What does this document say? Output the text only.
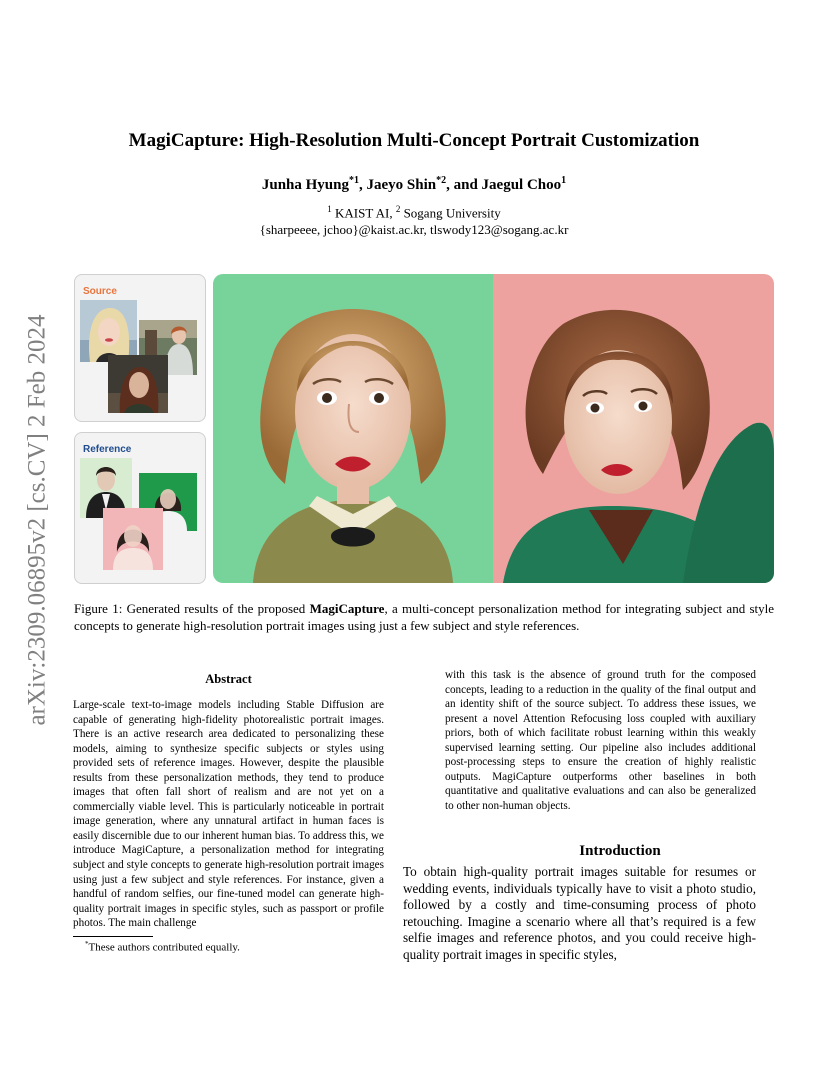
arXiv:2309.06895v2 [cs.CV] 2 Feb 2024
MagiCapture: High-Resolution Multi-Concept Portrait Customization
Junha Hyung$^{*1}$, Jaeyo Shin$^{*2}$, and Jaegul Choo$^1$
$^1$ KAIST AI, $^2$ Sogang University
{sharpeeee, jchoo}@kaist.ac.kr, tlswody123@sogang.ac.kr
Source
Reference
Figure 1: Generated results of the proposed MagiCapture, a multi-concept personalization method for integrating subject and style concepts to generate high-resolution portrait images using just a few subject and style references.
Abstract
Large-scale text-to-image models including Stable Diffusion are capable of generating high-fidelity photorealistic portrait images. There is an active research area dedicated to personalizing these models, aiming to synthesize specific subjects or styles using provided sets of reference images. However, despite the plausible results from these personalization methods, they tend to produce images that often fall short of realism and are not yet on a commercially viable level. This is particularly noticeable in portrait image generation, where any unnatural artifact in human faces is easily discernible due to our inherent human bias. To address this, we introduce MagiCapture, a personalization method for integrating subject and style concepts to generate high-resolution portrait images using just a few subject and style references. For instance, given a handful of random selfies, our fine-tuned model can generate high-quality portrait images in specific styles, such as passport or profile photos. The main challenge
with this task is the absence of ground truth for the composed concepts, leading to a reduction in the quality of the final output and an identity shift of the source subject. To address these issues, we present a novel Attention Refocusing loss coupled with auxiliary priors, both of which facilitate robust learning within this weakly supervised learning setting. Our pipeline also includes additional post-processing steps to ensure the creation of highly realistic outputs. MagiCapture outperforms other baselines in both quantitative and qualitative evaluations and can also be generalized to other non-human objects.
Introduction
To obtain high-quality portrait images suitable for resumes or wedding events, individuals typically have to visit a photo studio, followed by a costly and time-consuming process of photo retouching. Imagine a scenario where all that’s required is a few selfie images and reference photos, and you could receive high-quality portrait images in specific styles,
*These authors contributed equally.
